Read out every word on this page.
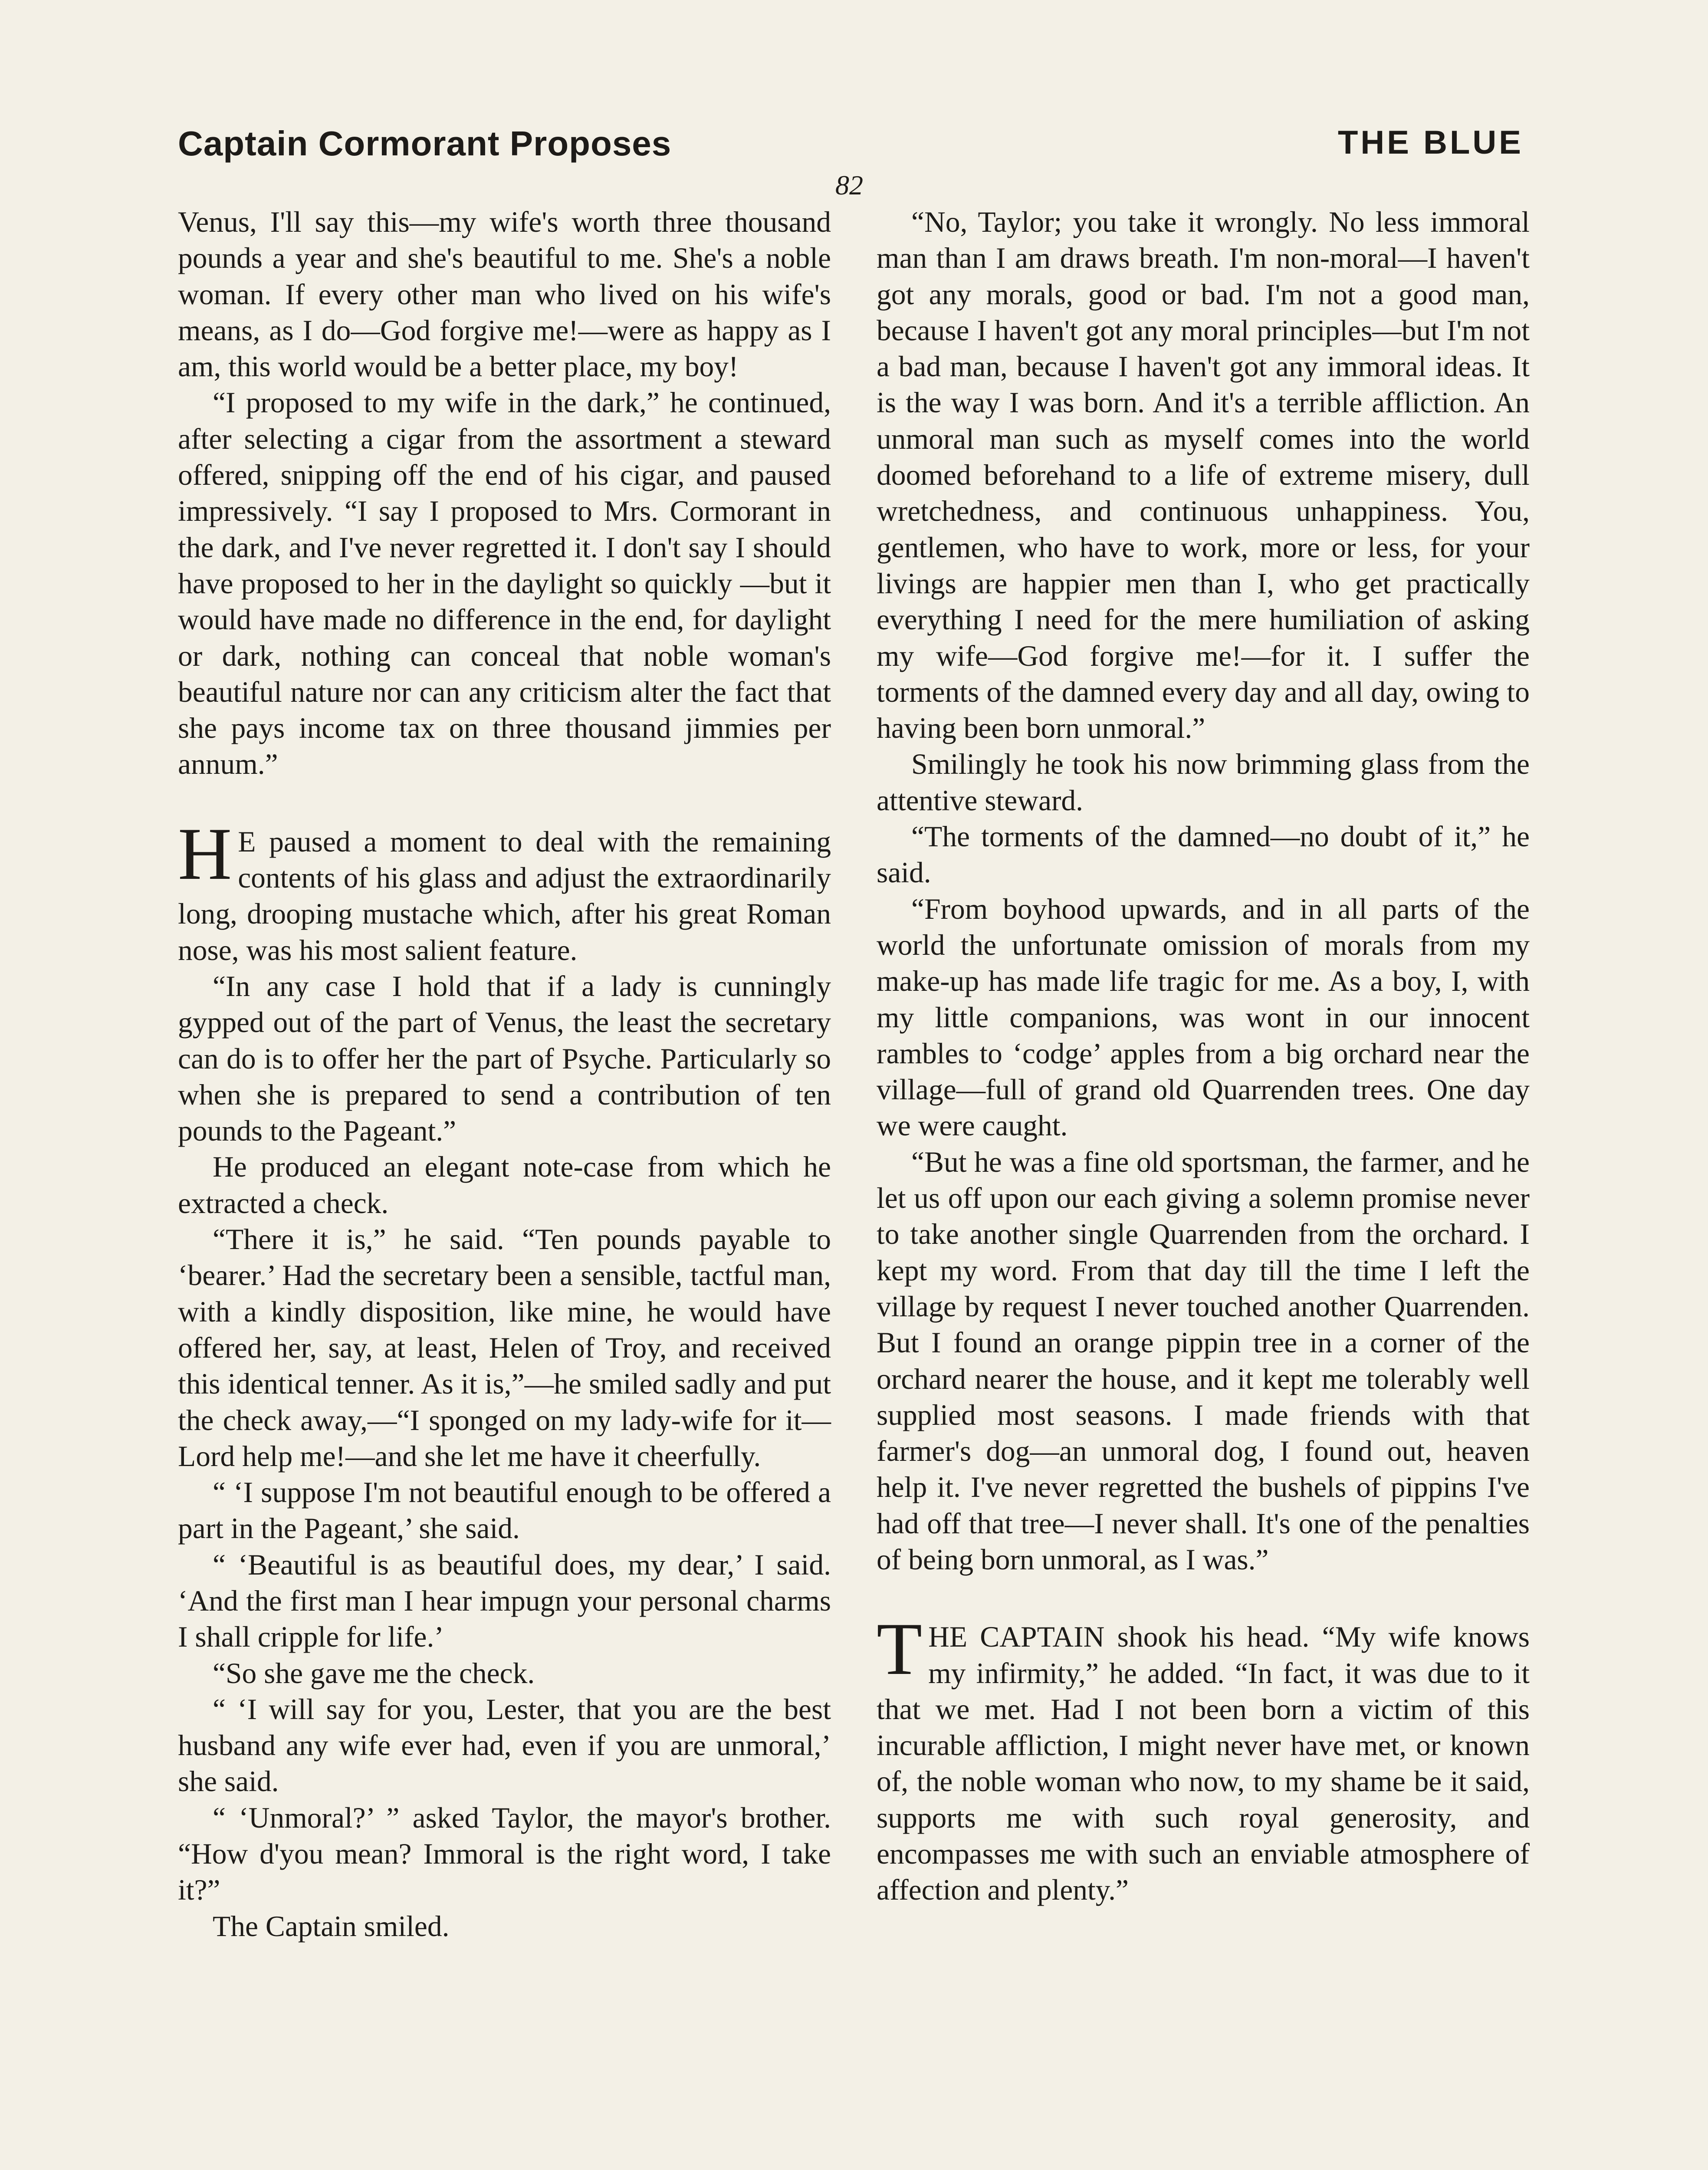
Captain Cormorant Proposes	THE BLUE
82

Venus, I'll say this—my wife's worth three thousand pounds a year and she's beautiful to me. She's a noble woman. If every other man who lived on his wife's means, as I do—God forgive me!—were as happy as I am, this world would be a better place, my boy!

“I proposed to my wife in the dark,” he continued, after selecting a cigar from the assortment a steward offered, snipping off the end of his cigar, and paused impressively. “I say I proposed to Mrs. Cormorant in the dark, and I've never regretted it. I don't say I should have proposed to her in the daylight so quickly —but it would have made no difference in the end, for daylight or dark, nothing can conceal that noble woman's beautiful nature nor can any criticism alter the fact that she pays income tax on three thousand jimmies per annum.”

H E paused a moment to deal with the remaining contents of his glass and adjust the extraordinarily long, drooping mustache which, after his great Roman nose, was his most salient feature.

“In any case I hold that if a lady is cunningly gypped out of the part of Venus, the least the secretary can do is to offer her the part of Psyche. Particularly so when she is prepared to send a contribution of ten pounds to the Pageant.”

He produced an elegant note-case from which he extracted a check.

“There it is,” he said. “Ten pounds payable to ‘bearer.’ Had the secretary been a sensible, tactful man, with a kindly disposition, like mine, he would have offered her, say, at least, Helen of Troy, and received this identical tenner. As it is,”—he smiled sadly and put the check away,—“I sponged on my lady-wife for it—Lord help me!—and she let me have it cheerfully.

“ ‘I suppose I'm not beautiful enough to be offered a part in the Pageant,’ she said.

“ ‘Beautiful is as beautiful does, my dear,’ I said. ‘And the first man I hear impugn your personal charms I shall cripple for life.’

“So she gave me the check.

“ ‘I will say for you, Lester, that you are the best husband any wife ever had, even if you are unmoral,’ she said.

“ ‘Unmoral?’ ” asked Taylor, the mayor's brother. “How d'you mean? Immoral is the right word, I take it?”

The Captain smiled.

“No, Taylor; you take it wrongly. No less immoral man than I am draws breath. I'm non-moral—I haven't got any morals, good or bad. I'm not a good man, because I haven't got any moral principles—but I'm not a bad man, because I haven't got any immoral ideas. It is the way I was born. And it's a terrible affliction. An unmoral man such as myself comes into the world doomed beforehand to a life of extreme misery, dull wretchedness, and continuous unhappiness. You, gentlemen, who have to work, more or less, for your livings are happier men than I, who get practically everything I need for the mere humiliation of asking my wife—God forgive me!—for it. I suffer the torments of the damned every day and all day, owing to having been born unmoral.”

Smilingly he took his now brimming glass from the attentive steward.

“The torments of the damned—no doubt of it,” he said.

“From boyhood upwards, and in all parts of the world the unfortunate omission of morals from my make-up has made life tragic for me. As a boy, I, with my little companions, was wont in our innocent rambles to ‘codge’ apples from a big orchard near the village—full of grand old Quarrenden trees. One day we were caught.

“But he was a fine old sportsman, the farmer, and he let us off upon our each giving a solemn promise never to take another single Quarrenden from the orchard. I kept my word. From that day till the time I left the village by request I never touched another Quarrenden. But I found an orange pippin tree in a corner of the orchard nearer the house, and it kept me tolerably well supplied most seasons. I made friends with that farmer's dog—an unmoral dog, I found out, heaven help it. I've never regretted the bushels of pippins I've had off that tree—I never shall. It's one of the penalties of being born unmoral, as I was.”

THE CAPTAIN shook his head. “My wife knows my infirmity,” he added. “In fact, it was due to it that we met. Had I not been born a victim of this incurable affliction, I might never have met, or known of, the noble woman who now, to my shame be it said, supports me with such royal generosity, and encompasses me with such an enviable atmosphere of affection and plenty.”
